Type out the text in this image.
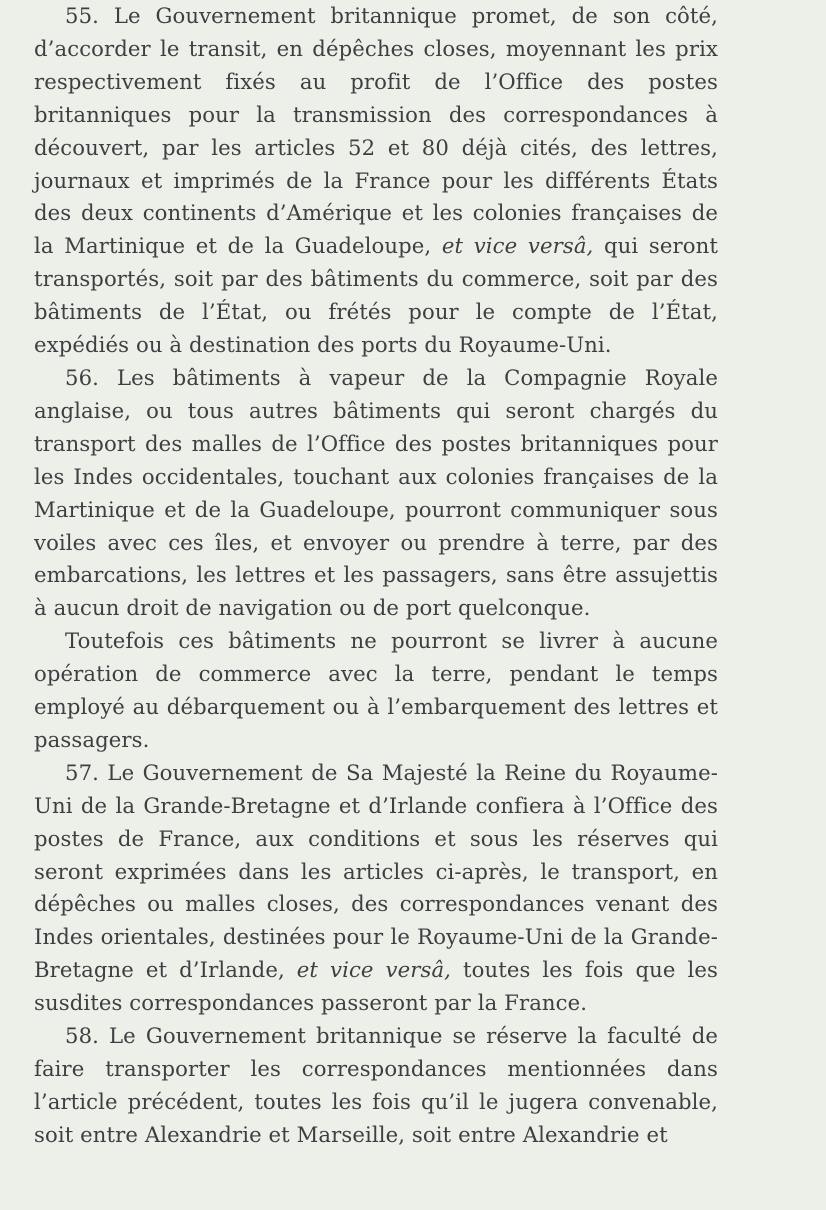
55. Le Gouvernement britannique promet, de son côté, d’accorder le transit, en dépêches closes, moyennant les prix respectivement fixés au profit de l’Office des postes britanniques pour la transmission des correspondances à découvert, par les articles 52 et 80 déjà cités, des lettres, journaux et imprimés de la France pour les différents États des deux continents d’Amérique et les colonies françaises de la Martinique et de la Guadeloupe, et vice versâ, qui seront transportés, soit par des bâtiments du commerce, soit par des bâtiments de l’État, ou frétés pour le compte de l’État, expédiés ou à destination des ports du Royaume-Uni.

56. Les bâtiments à vapeur de la Compagnie Royale anglaise, ou tous autres bâtiments qui seront chargés du transport des malles de l’Office des postes britanniques pour les Indes occidentales, touchant aux colonies françaises de la Martinique et de la Guadeloupe, pourront communiquer sous voiles avec ces îles, et envoyer ou prendre à terre, par des embarcations, les lettres et les passagers, sans être assujettis à aucun droit de navigation ou de port quelconque.

Toutefois ces bâtiments ne pourront se livrer à aucune opération de commerce avec la terre, pendant le temps employé au débarquement ou à l’embarquement des lettres et passagers.

57. Le Gouvernement de Sa Majesté la Reine du Royaume-Uni de la Grande-Bretagne et d’Irlande confiera à l’Office des postes de France, aux conditions et sous les réserves qui seront exprimées dans les articles ci-après, le transport, en dépêches ou malles closes, des correspondances venant des Indes orientales, destinées pour le Royaume-Uni de la Grande-Bretagne et d’Irlande, et vice versâ, toutes les fois que les susdites correspondances passeront par la France.

58. Le Gouvernement britannique se réserve la faculté de faire transporter les correspondances mentionnées dans l’article précédent, toutes les fois qu’il le jugera convenable, soit entre Alexandrie et Marseille, soit entre Alexandrie et
